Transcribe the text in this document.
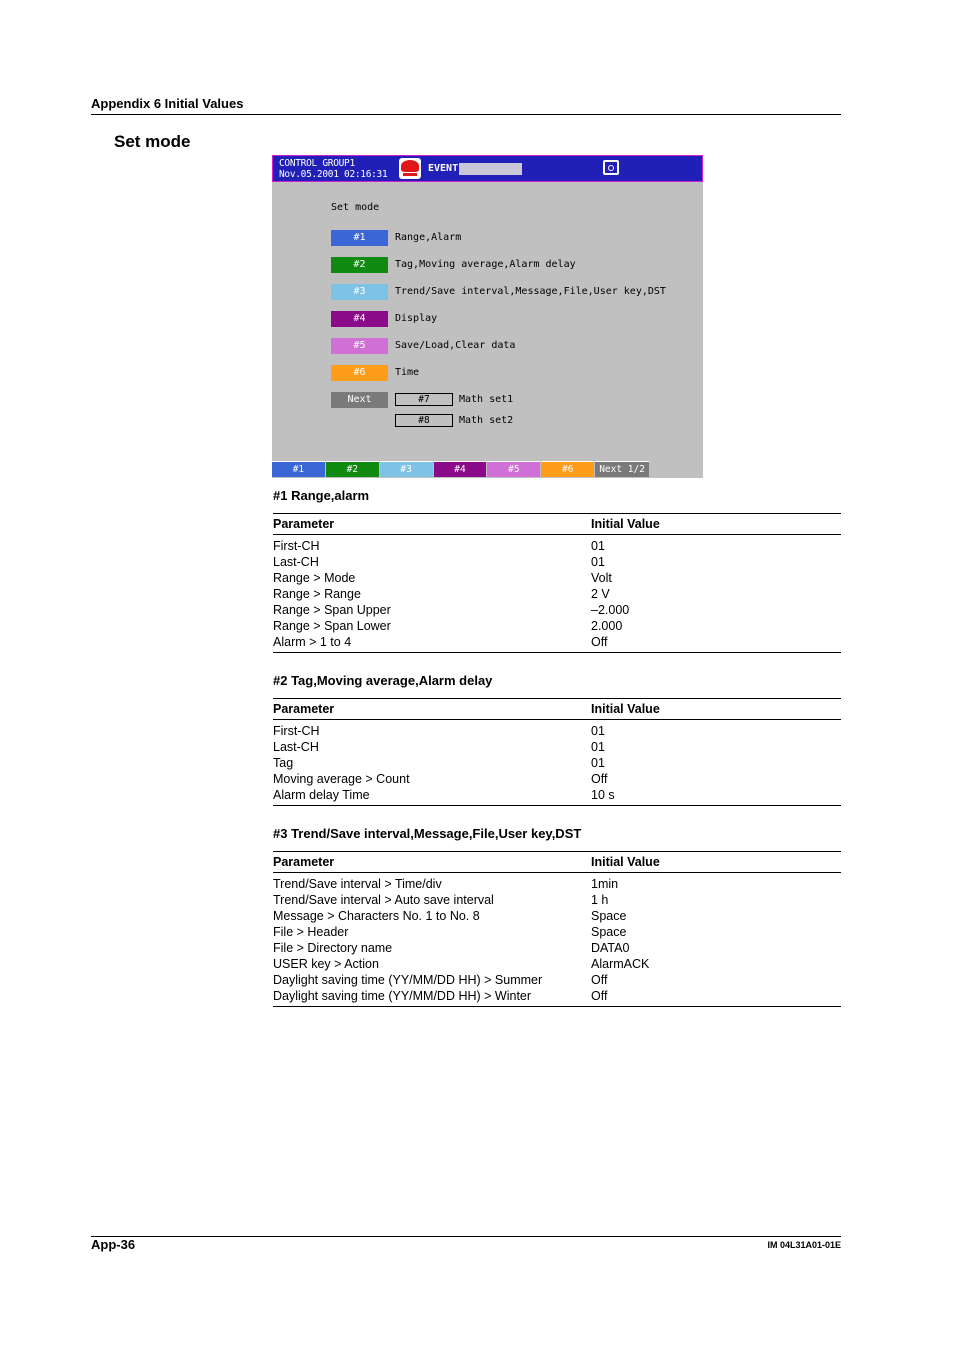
Appendix 6 Initial Values
Set mode
CONTROL GROUP1
Nov.05.2001 02:16:31
EVENT
Set mode
#1	Range,Alarm
#2	Tag,Moving average,Alarm delay
#3	Trend/Save interval,Message,File,User key,DST
#4	Display
#5	Save/Load,Clear data
#6	Time
Next	#7	Math set1
#8	Math set2
#1	#2	#3	#4	#5	#6	Next 1/2
#1 Range,alarm
Parameter	Initial Value
First-CH	01
Last-CH	01
Range > Mode	Volt
Range > Range	2 V
Range > Span Upper	–2.000
Range > Span Lower	2.000
Alarm > 1 to 4	Off
#2 Tag,Moving average,Alarm delay
Parameter	Initial Value
First-CH	01
Last-CH	01
Tag	01
Moving average > Count	Off
Alarm delay Time	10 s
#3 Trend/Save interval,Message,File,User key,DST
Parameter	Initial Value
Trend/Save interval > Time/div	1min
Trend/Save interval > Auto save interval	1 h
Message > Characters No. 1 to No. 8	Space
File > Header	Space
File > Directory name	DATA0
USER key > Action	AlarmACK
Daylight saving time (YY/MM/DD HH) > Summer	Off
Daylight saving time (YY/MM/DD HH) > Winter	Off
App-36	IM 04L31A01-01E
